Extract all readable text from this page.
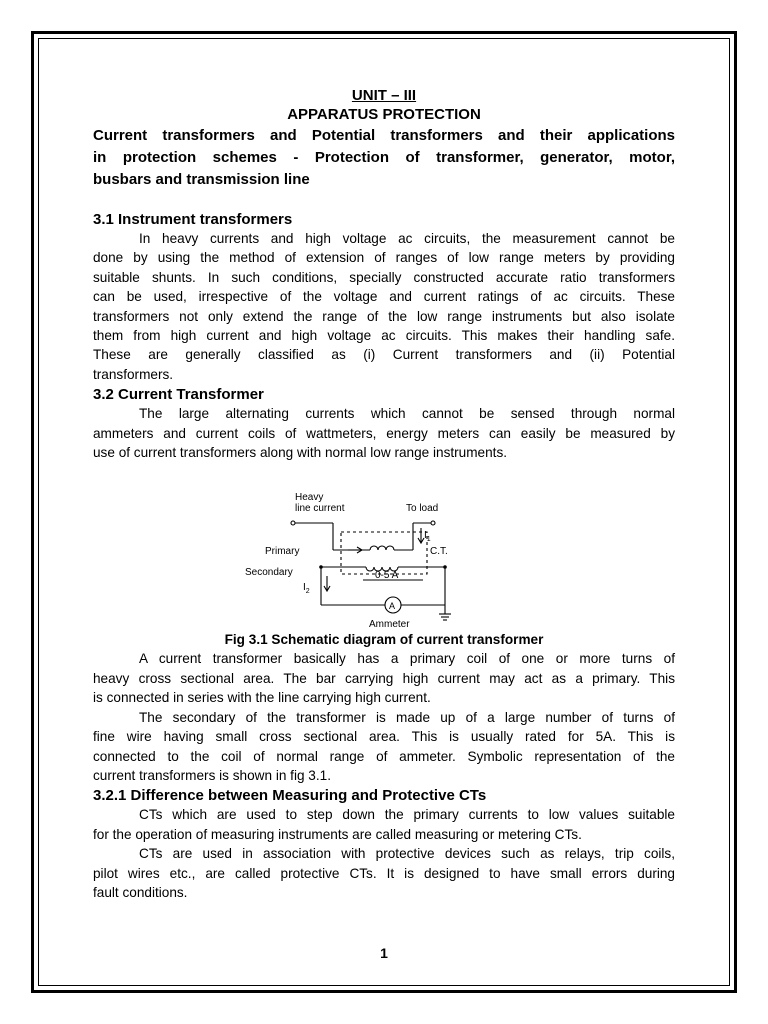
UNIT – III
APPARATUS PROTECTION
Current transformers and Potential transformers and their applications
in protection schemes - Protection of transformer, generator, motor,
busbars and transmission line
3.1 Instrument transformers
In heavy currents and high voltage ac circuits, the measurement cannot be
done by using the method of extension of ranges of low range meters by providing
suitable shunts. In such conditions, specially constructed accurate ratio transformers
can be used, irrespective of the voltage and current ratings of ac circuits. These
transformers not only extend the range of the low range instruments but also isolate
them from high current and high voltage ac circuits. This makes their handling safe.
These are generally classified as (i) Current transformers and (ii) Potential
transformers.
3.2 Current Transformer
The large alternating currents which cannot be sensed through normal
ammeters and current coils of wattmeters, energy meters can easily be measured by
use of current transformers along with normal low range instruments.
Heavy
line current	To load
$I_1$
C.T.
Primary
Secondary
$I_2$
0-5 A
A
Ammeter
Fig 3.1 Schematic diagram of current transformer
A current transformer basically has a primary coil of one or more turns of
heavy cross sectional area. The bar carrying high current may act as a primary. This
is connected in series with the line carrying high current.
The secondary of the transformer is made up of a large number of turns of
fine wire having small cross sectional area. This is usually rated for 5A. This is
connected to the coil of normal range of ammeter. Symbolic representation of the
current transformers is shown in fig 3.1.
3.2.1 Difference between Measuring and Protective CTs
CTs which are used to step down the primary currents to low values suitable
for the operation of measuring instruments are called measuring or metering CTs.
CTs are used in association with protective devices such as relays, trip coils,
pilot wires etc., are called protective CTs. It is designed to have small errors during
fault conditions.
1
